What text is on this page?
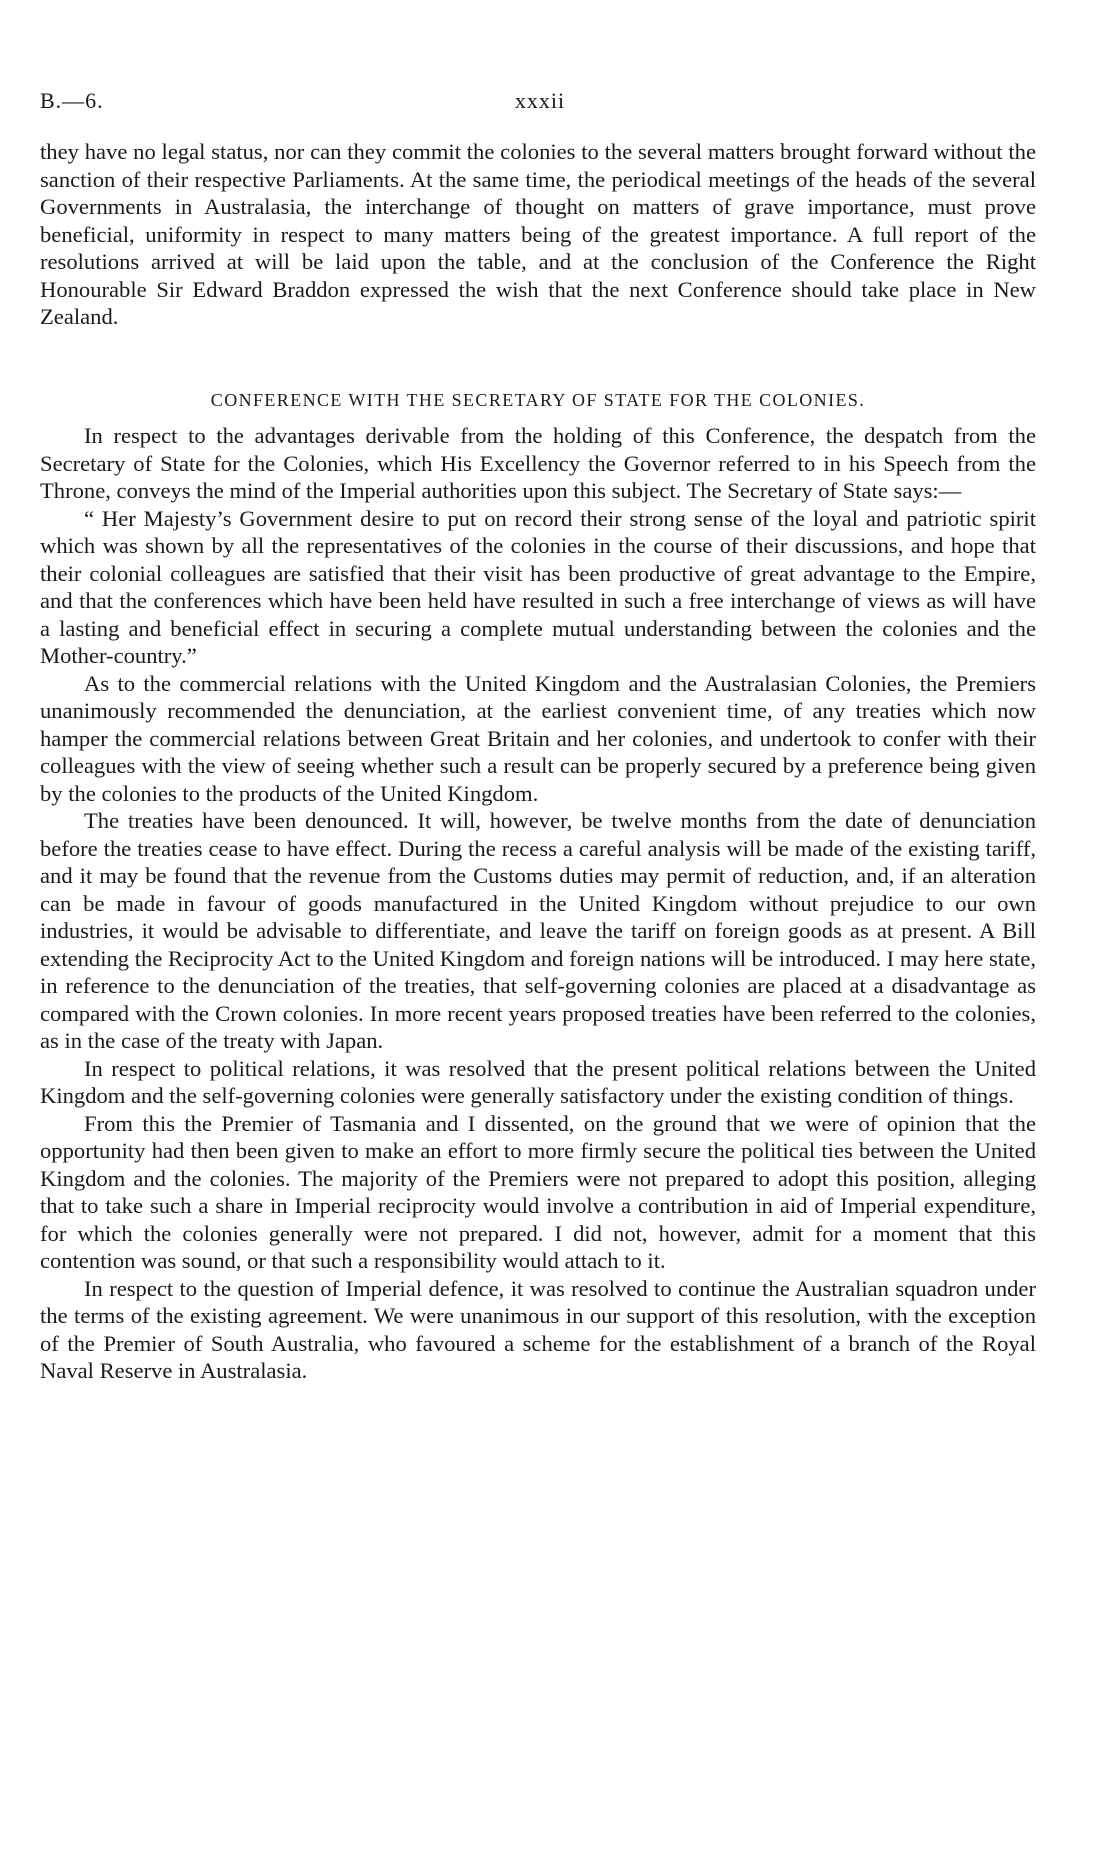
B.—6.	xxxii

they have no legal status, nor can they commit the colonies to the several matters brought forward without the sanction of their respective Parliaments. At the same time, the periodical meetings of the heads of the several Governments in Australasia, the interchange of thought on matters of grave importance, must prove beneficial, uniformity in respect to many matters being of the greatest importance. A full report of the resolutions arrived at will be laid upon the table, and at the conclusion of the Conference the Right Honourable Sir Edward Braddon expressed the wish that the next Conference should take place in New Zealand.

CONFERENCE WITH THE SECRETARY OF STATE FOR THE COLONIES.

In respect to the advantages derivable from the holding of this Conference, the despatch from the Secretary of State for the Colonies, which His Excellency the Governor referred to in his Speech from the Throne, conveys the mind of the Imperial authorities upon this subject. The Secretary of State says:—

“ Her Majesty’s Government desire to put on record their strong sense of the loyal and patriotic spirit which was shown by all the representatives of the colonies in the course of their discussions, and hope that their colonial colleagues are satisfied that their visit has been productive of great advantage to the Empire, and that the conferences which have been held have resulted in such a free interchange of views as will have a lasting and beneficial effect in securing a complete mutual understanding between the colonies and the Mother-country.”

As to the commercial relations with the United Kingdom and the Australasian Colonies, the Premiers unanimously recommended the denunciation, at the earliest convenient time, of any treaties which now hamper the commercial relations between Great Britain and her colonies, and undertook to confer with their colleagues with the view of seeing whether such a result can be properly secured by a preference being given by the colonies to the products of the United Kingdom.

The treaties have been denounced. It will, however, be twelve months from the date of denunciation before the treaties cease to have effect. During the recess a careful analysis will be made of the existing tariff, and it may be found that the revenue from the Customs duties may permit of reduction, and, if an alteration can be made in favour of goods manufactured in the United Kingdom without prejudice to our own industries, it would be advisable to differentiate, and leave the tariff on foreign goods as at present. A Bill extending the Reciprocity Act to the United Kingdom and foreign nations will be introduced. I may here state, in reference to the denunciation of the treaties, that self-governing colonies are placed at a disadvantage as compared with the Crown colonies. In more recent years proposed treaties have been referred to the colonies, as in the case of the treaty with Japan.

In respect to political relations, it was resolved that the present political relations between the United Kingdom and the self-governing colonies were generally satisfactory under the existing condition of things.

From this the Premier of Tasmania and I dissented, on the ground that we were of opinion that the opportunity had then been given to make an effort to more firmly secure the political ties between the United Kingdom and the colonies. The majority of the Premiers were not prepared to adopt this position, alleging that to take such a share in Imperial reciprocity would involve a contribution in aid of Imperial expenditure, for which the colonies generally were not prepared. I did not, however, admit for a moment that this contention was sound, or that such a responsibility would attach to it.

In respect to the question of Imperial defence, it was resolved to continue the Australian squadron under the terms of the existing agreement. We were unanimous in our support of this resolution, with the exception of the Premier of South Australia, who favoured a scheme for the establishment of a branch of the Royal Naval Reserve in Australasia.
